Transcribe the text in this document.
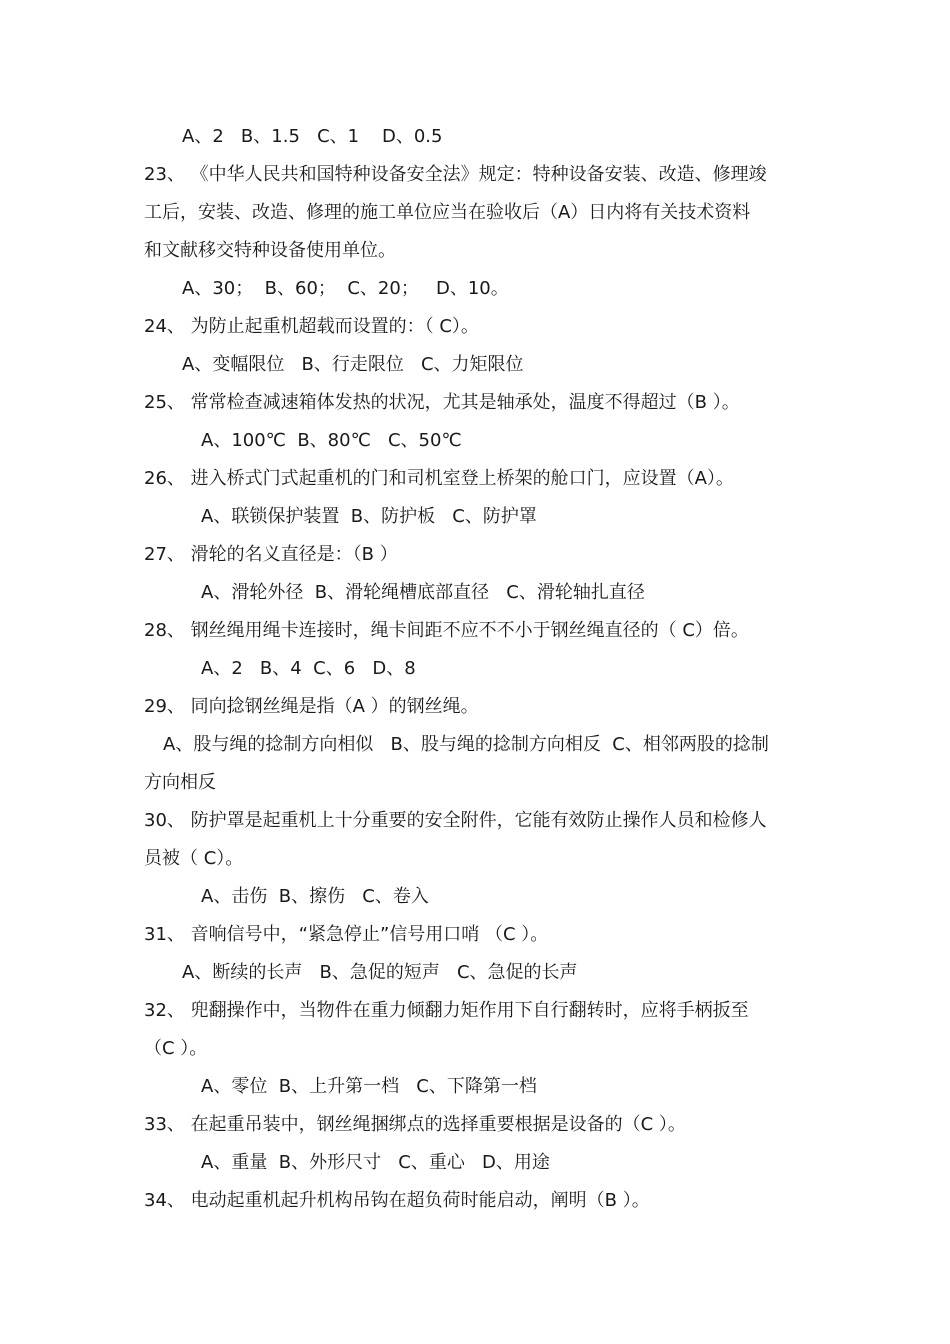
A、2   B、1.5   C、1    D、0.5
23、 《中华人民共和国特种设备安全法》规定：特种设备安装、改造、修理竣
工后，安装、改造、修理的施工单位应当在验收后（A）日内将有关技术资料
和文献移交特种设备使用单位。
A、30；  B、60；  C、20；   D、10。
24、 为防止起重机超载而设置的：（ C）。
A、变幅限位   B、行走限位   C、力矩限位
25、 常常检查减速箱体发热的状况，尤其是轴承处，温度不得超过（B ）。
A、100℃  B、80℃   C、50℃
26、 进入桥式门式起重机的门和司机室登上桥架的舱口门，应设置（A）。
A、联锁保护装置  B、防护板   C、防护罩
27、 滑轮的名义直径是：（B ）
A、滑轮外径  B、滑轮绳槽底部直径   C、滑轮轴扎直径
28、 钢丝绳用绳卡连接时，绳卡间距不应不不小于钢丝绳直径的（ C）倍。
A、2   B、4  C、6   D、8
29、 同向捻钢丝绳是指（A ）的钢丝绳。
A、股与绳的捻制方向相似   B、股与绳的捻制方向相反  C、相邻两股的捻制
方向相反
30、 防护罩是起重机上十分重要的安全附件，它能有效防止操作人员和检修人
员被（ C）。
A、击伤  B、擦伤   C、卷入
31、 音响信号中，“紧急停止”信号用口哨 （C ）。
A、断续的长声   B、急促的短声   C、急促的长声
32、 兜翻操作中，当物件在重力倾翻力矩作用下自行翻转时，应将手柄扳至
（C ）。
A、零位  B、上升第一档   C、下降第一档
33、 在起重吊装中，钢丝绳捆绑点的选择重要根据是设备的（C ）。
A、重量  B、外形尺寸   C、重心   D、用途
34、 电动起重机起升机构吊钩在超负荷时能启动，阐明（B ）。
